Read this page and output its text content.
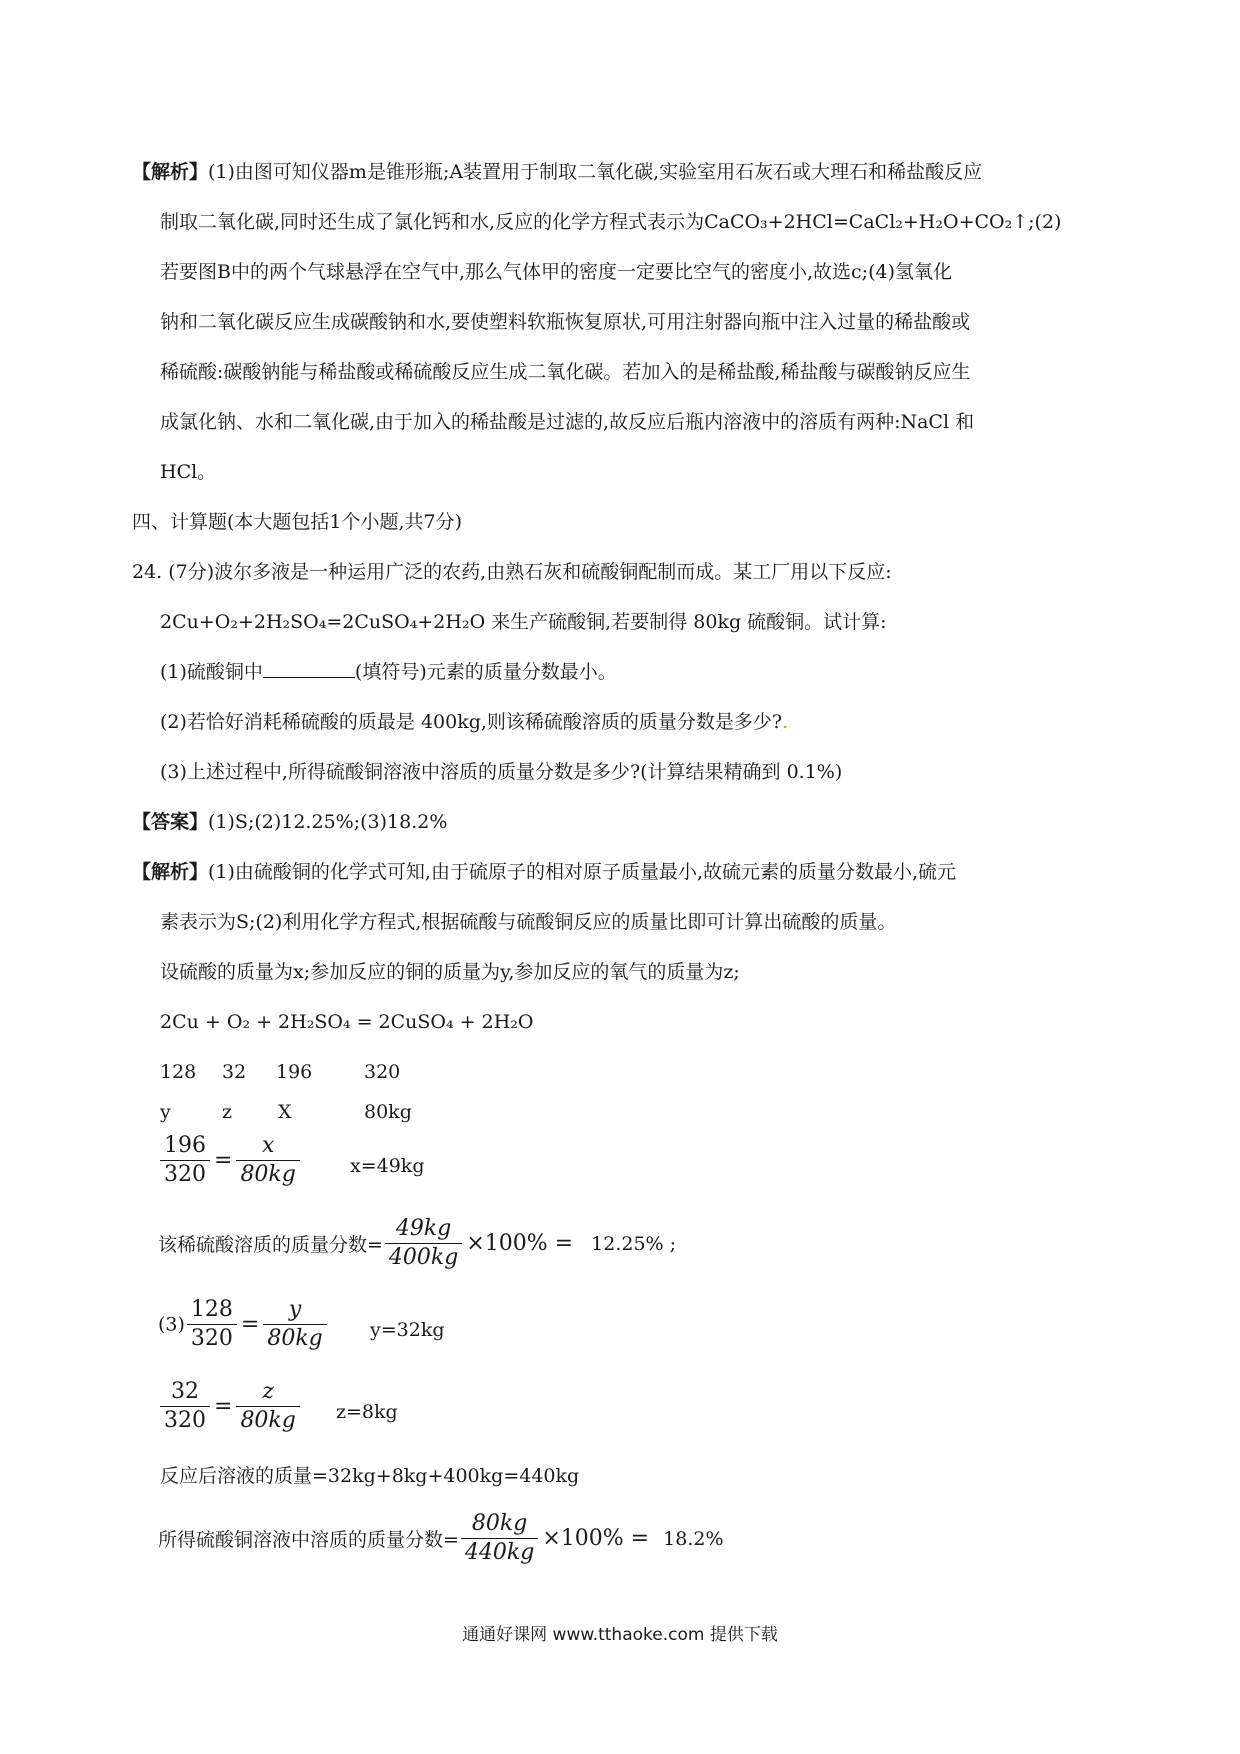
【解析】(1)由图可知仪器m是锥形瓶;A装置用于制取二氧化碳,实验室用石灰石或大理石和稀盐酸反应
制取二氧化碳,同时还生成了氯化钙和水,反应的化学方程式表示为CaCO₃+2HCl=CaCl₂+H₂O+CO₂↑;(2)
若要图B中的两个气球悬浮在空气中,那么气体甲的密度一定要比空气的密度小,故选c;(4)氢氧化
钠和二氧化碳反应生成碳酸钠和水,要使塑料软瓶恢复原状,可用注射器向瓶中注入过量的稀盐酸或
稀硫酸:碳酸钠能与稀盐酸或稀硫酸反应生成二氧化碳。若加入的是稀盐酸,稀盐酸与碳酸钠反应生
成氯化钠、水和二氧化碳,由于加入的稀盐酸是过滤的,故反应后瓶内溶液中的溶质有两种:NaCl 和
HCl。
四、计算题(本大题包括1个小题,共7分)
24. (7分)波尔多液是一种运用广泛的农药,由熟石灰和硫酸铜配制而成。某工厂用以下反应:
2Cu+O₂+2H₂SO₄=2CuSO₄+2H₂O 来生产硫酸铜,若要制得 80kg 硫酸铜。试计算:
(1)硫酸铜中	(填符号)元素的质量分数最小。
(2)若恰好消耗稀硫酸的质最是 400kg,则该稀硫酸溶质的质量分数是多少?.
(3)上述过程中,所得硫酸铜溶液中溶质的质量分数是多少?(计算结果精确到 0.1%)
【答案】(1)S;(2)12.25%;(3)18.2%
【解析】(1)由硫酸铜的化学式可知,由于硫原子的相对原子质量最小,故硫元素的质量分数最小,硫元
素表示为S;(2)利用化学方程式,根据硫酸与硫酸铜反应的质量比即可计算出硫酸的质量。
设硫酸的质量为x;参加反应的铜的质量为y,参加反应的氧气的质量为z;
2Cu + O₂ + 2H₂SO₄ = 2CuSO₄ + 2H₂O
128 32 196	320
y	z X	80kg
$\frac{196}{320} = \frac{x}{80kg}$	x=49kg
该稀硫酸溶质的质量分数= $\frac{49kg}{400kg} \times 100\% = 12.25\%$ ;
$(3) \frac{128}{320} = \frac{y}{80kg} y=32kg$
$\frac{32}{320} = \frac{z}{80kg} z=8kg$
反应后溶液的质量=32kg+8kg+400kg=440kg
所得硫酸铜溶液中溶质的质量分数= $\frac{80kg}{440kg} \times 100\% = 18.2\%$
通通好课网 www.tthaoke.com 提供下载
